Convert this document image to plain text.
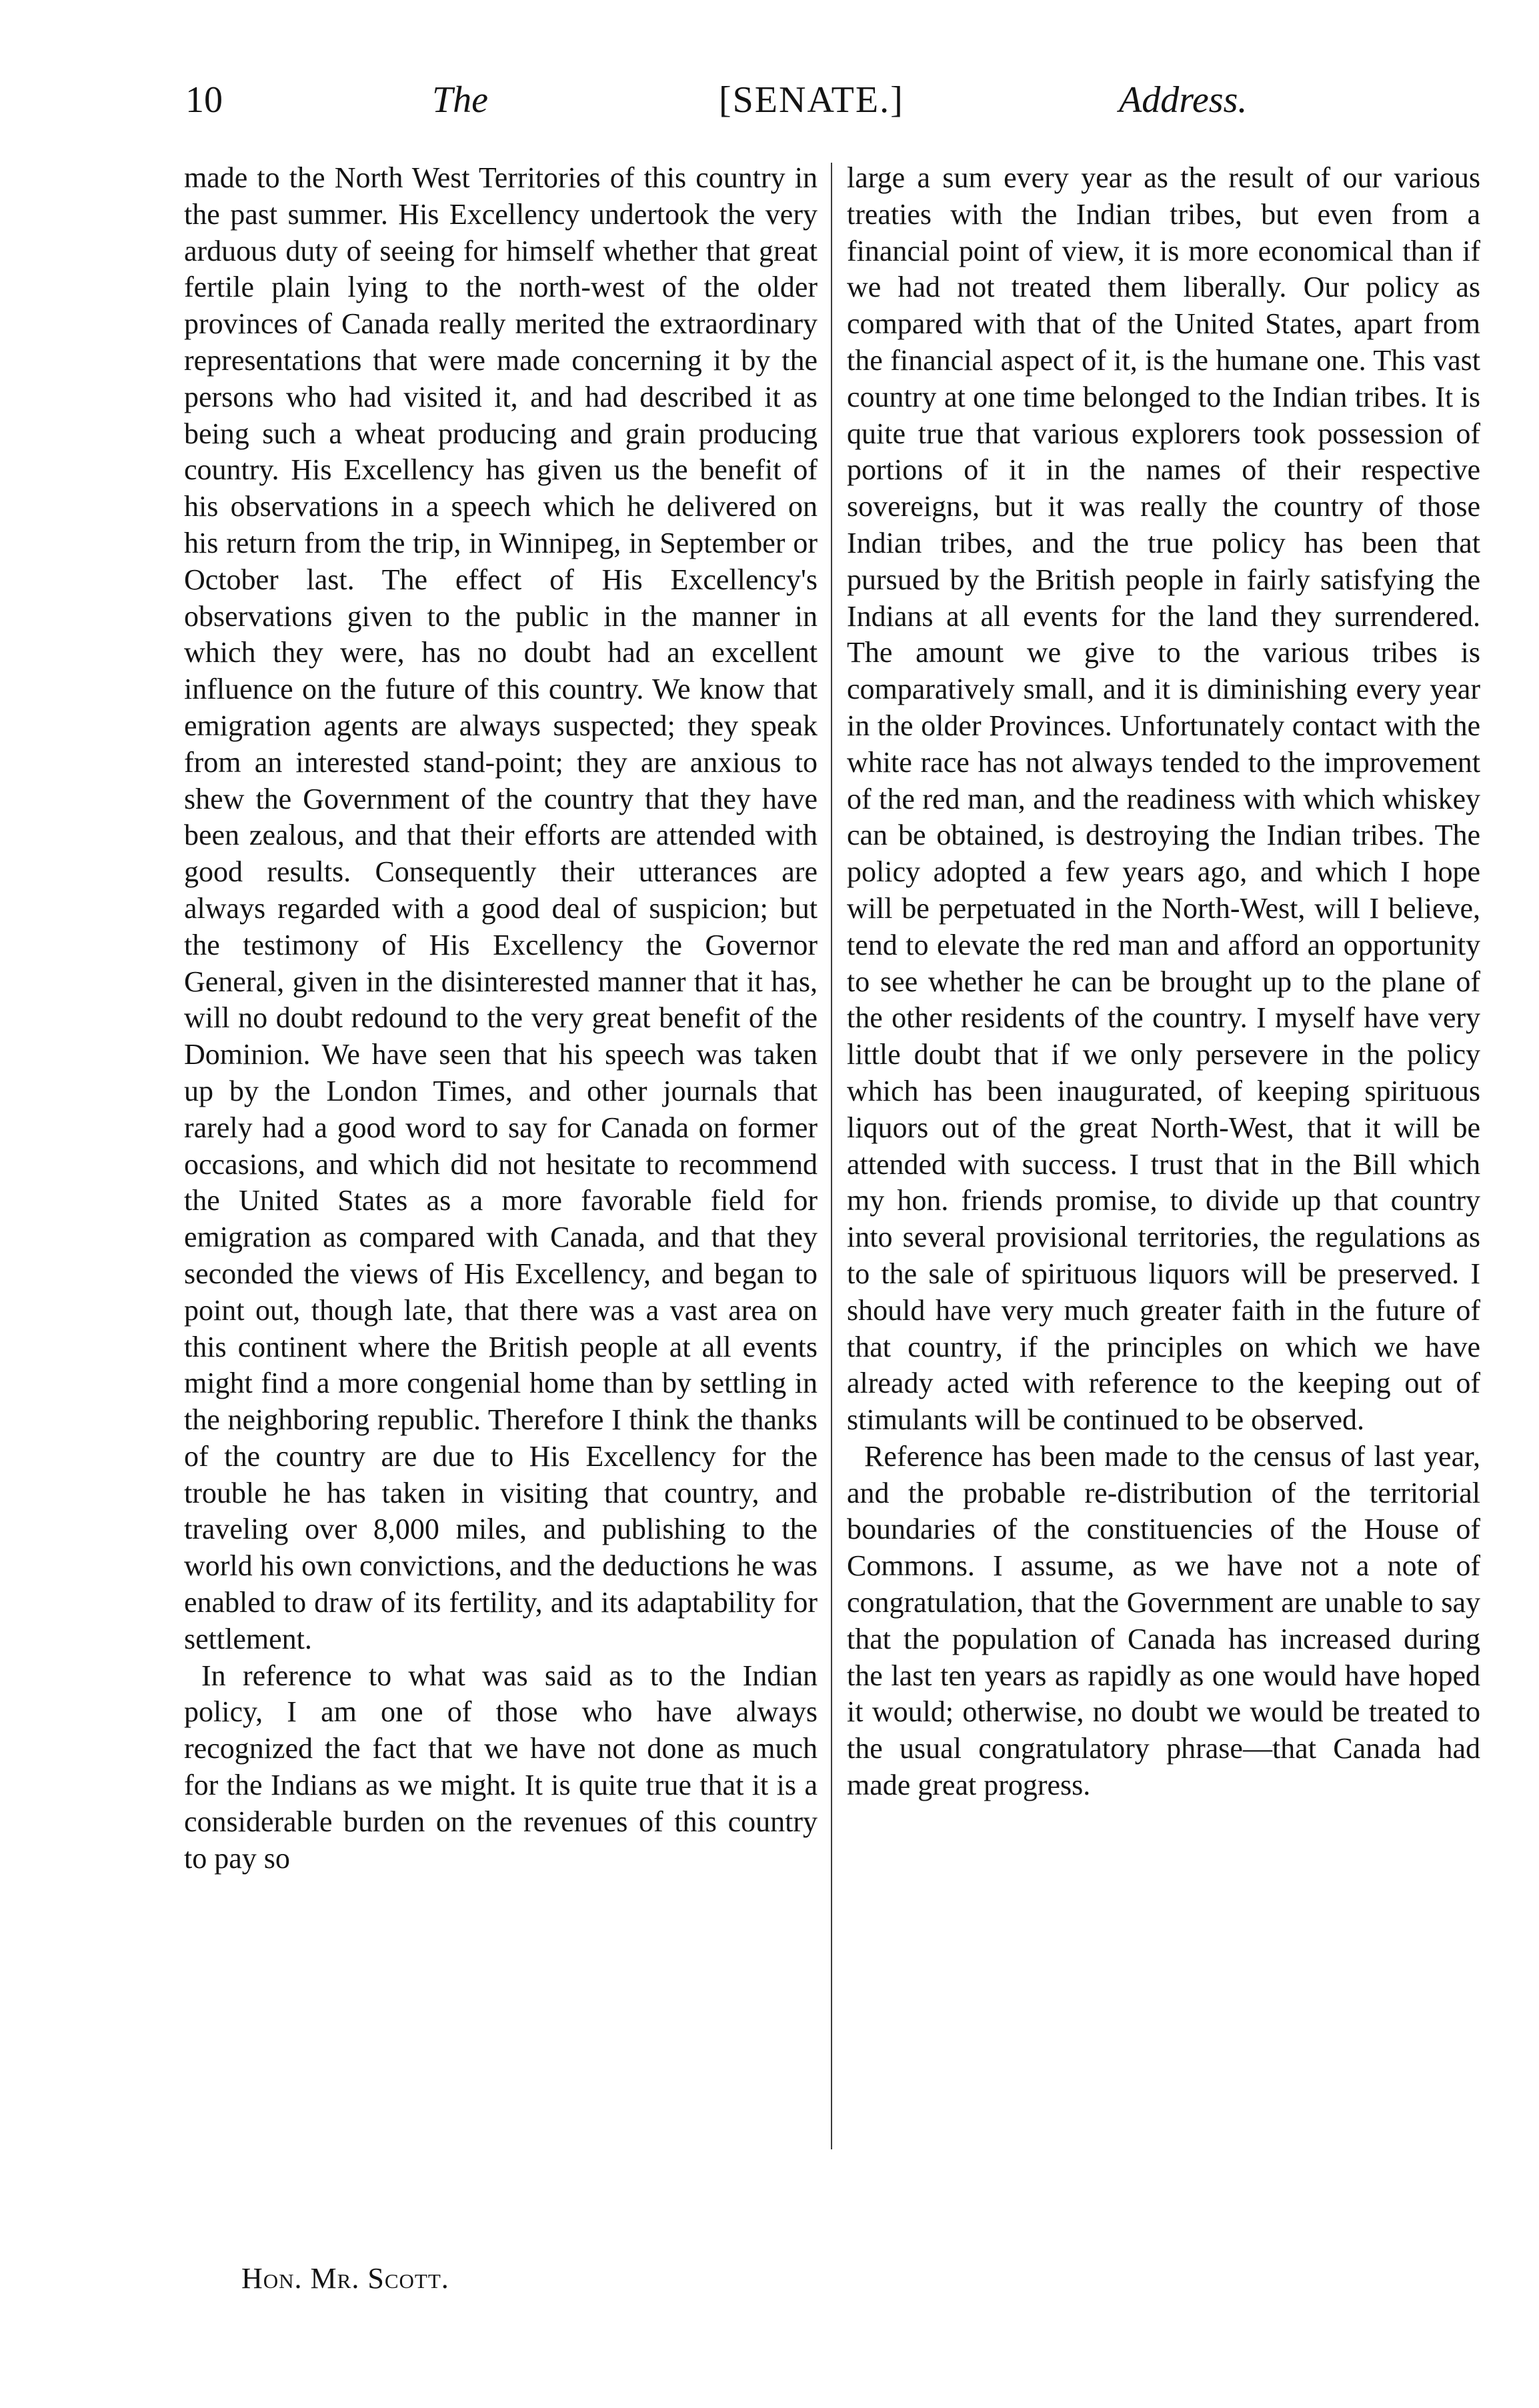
10	The	[SENATE.]	Address.

made to the North West Territories of this country in the past summer. His Excellency undertook the very arduous duty of seeing for himself whether that great fertile plain lying to the north-west of the older provinces of Canada really merited the extraordinary representations that were made concerning it by the persons who had visited it, and had described it as being such a wheat producing and grain producing country. His Excellency has given us the benefit of his observations in a speech which he delivered on his return from the trip, in Winnipeg, in September or October last. The effect of His Excellency's observations given to the public in the manner in which they were, has no doubt had an excellent influence on the future of this country. We know that emigration agents are always suspected; they speak from an interested stand-point; they are anxious to shew the Government of the country that they have been zealous, and that their efforts are attended with good results. Consequently their utterances are always regarded with a good deal of suspicion; but the testimony of His Excellency the Governor General, given in the disinterested manner that it has, will no doubt redound to the very great benefit of the Dominion. We have seen that his speech was taken up by the London Times, and other journals that rarely had a good word to say for Canada on former occasions, and which did not hesitate to recommend the United States as a more favorable field for emigration as compared with Canada, and that they seconded the views of His Excellency, and began to point out, though late, that there was a vast area on this continent where the British people at all events might find a more congenial home than by settling in the neighboring republic. Therefore I think the thanks of the country are due to His Excellency for the trouble he has taken in visiting that country, and traveling over 8,000 miles, and publishing to the world his own convictions, and the deductions he was enabled to draw of its fertility, and its adaptability for settlement.

In reference to what was said as to the Indian policy, I am one of those who have always recognized the fact that we have not done as much for the Indians as we might. It is quite true that it is a considerable burden on the revenues of this country to pay so

large a sum every year as the result of our various treaties with the Indian tribes, but even from a financial point of view, it is more economical than if we had not treated them liberally. Our policy as compared with that of the United States, apart from the financial aspect of it, is the humane one. This vast country at one time belonged to the Indian tribes. It is quite true that various explorers took possession of portions of it in the names of their respective sovereigns, but it was really the country of those Indian tribes, and the true policy has been that pursued by the British people in fairly satisfying the Indians at all events for the land they surrendered. The amount we give to the various tribes is comparatively small, and it is diminishing every year in the older Provinces. Unfortunately contact with the white race has not always tended to the improvement of the red man, and the readiness with which whiskey can be obtained, is destroying the Indian tribes. The policy adopted a few years ago, and which I hope will be perpetuated in the North-West, will I believe, tend to elevate the red man and afford an opportunity to see whether he can be brought up to the plane of the other residents of the country. I myself have very little doubt that if we only persevere in the policy which has been inaugurated, of keeping spirituous liquors out of the great North-West, that it will be attended with success. I trust that in the Bill which my hon. friends promise, to divide up that country into several provisional territories, the regulations as to the sale of spirituous liquors will be preserved. I should have very much greater faith in the future of that country, if the principles on which we have already acted with reference to the keeping out of stimulants will be continued to be observed.

Reference has been made to the census of last year, and the probable re-distribution of the territorial boundaries of the constituencies of the House of Commons. I assume, as we have not a note of congratulation, that the Government are unable to say that the population of Canada has increased during the last ten years as rapidly as one would have hoped it would; otherwise, no doubt we would be treated to the usual congratulatory phrase—that Canada had made great progress.

Hon. Mr. Scott.
